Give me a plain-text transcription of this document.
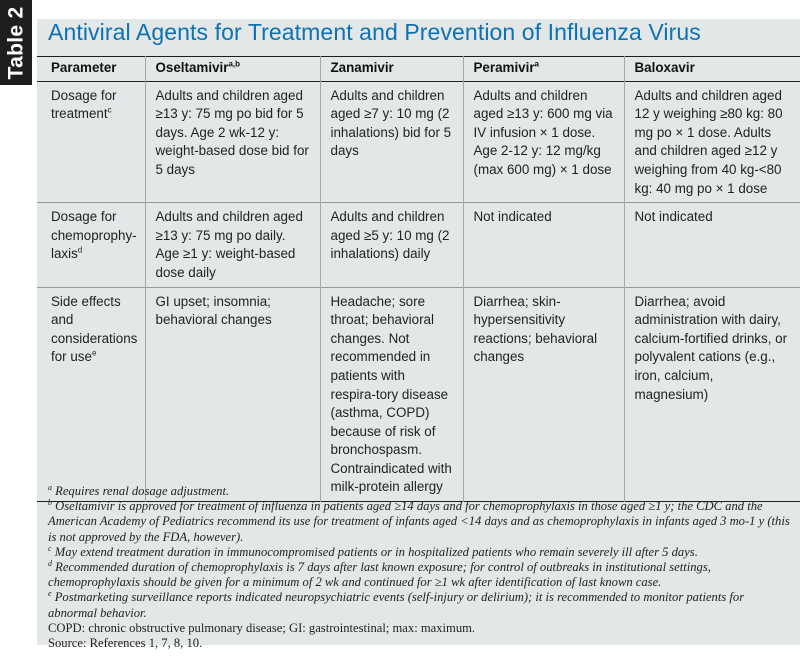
Table 2 Antiviral Agents for Treatment and Prevention of Influenza Virus
Parameter	Oseltamivir$^{a,b}$	Zanamivir	Peramivir$^a$	Baloxavir
Dosage for treatment$^c$	Adults and children aged ≥13 y: 75 mg po bid for 5 days. Age 2 wk-12 y: weight-based dose bid for 5 days	Adults and children aged ≥7 y: 10 mg (2 inhalations) bid for 5 days	Adults and children aged ≥13 y: 600 mg via IV infusion × 1 dose. Age 2-12 y: 12 mg/kg (max 600 mg) × 1 dose	Adults and children aged 12 y weighing ≥80 kg: 80 mg po × 1 dose. Adults and children aged ≥12 y weighing from 40 kg-<80 kg: 40 mg po × 1 dose
Dosage for chemoprophy-laxis$^d$	Adults and children aged ≥13 y: 75 mg po daily. Age ≥1 y: weight-based dose daily	Adults and children aged ≥5 y: 10 mg (2 inhalations) daily	Not indicated	Not indicated
Side effects and considerations for use$^e$	GI upset; insomnia; behavioral changes	Headache; sore throat; behavioral changes. Not recommended in patients with respira-tory disease (asthma, COPD) because of risk of bronchospasm. Contraindicated with milk-protein allergy	Diarrhea; skin-hypersensitivity reactions; behavioral changes	Diarrhea; avoid administration with dairy, calcium-fortified drinks, or polyvalent cations (e.g., iron, calcium, magnesium)

$^a$ Requires renal dosage adjustment.

$^b$ Oseltamivir is approved for treatment of influenza in patients aged ≥14 days and for chemoprophylaxis in those aged ≥1 y; the CDC and the American Academy of Pediatrics recommend its use for treatment of infants aged <14 days and as chemoprophylaxis in infants aged 3 mo-1 y (this is not approved by the FDA, however).

$^c$ May extend treatment duration in immunocompromised patients or in hospitalized patients who remain severely ill after 5 days.

$^d$ Recommended duration of chemoprophylaxis is 7 days after last known exposure; for control of outbreaks in institutional settings, chemoprophylaxis should be given for a minimum of 2 wk and continued for ≥1 wk after identification of last known case.

$^e$ Postmarketing surveillance reports indicated neuropsychiatric events (self-injury or delirium); it is recommended to monitor patients for abnormal behavior.

COPD: chronic obstructive pulmonary disease; GI: gastrointestinal; max: maximum.

Source: References 1, 7, 8, 10.
